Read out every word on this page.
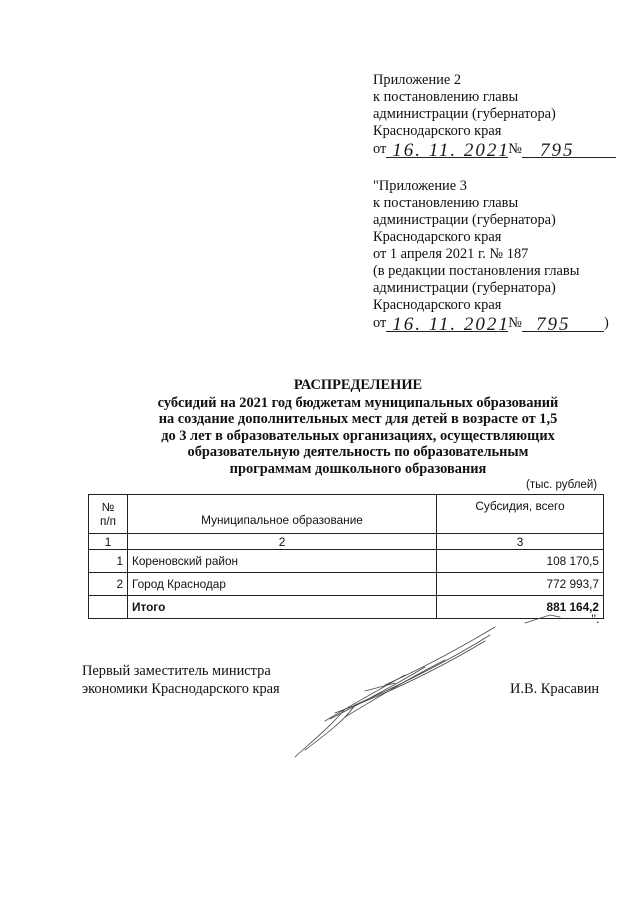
Приложение 2
к постановлению главы
администрации (губернатора)
Краснодарского края
от 16. 11. 2021
№ 795
"Приложение 3
к постановлению главы
администрации (губернатора)
Краснодарского края
от 1 апреля 2021 г. № 187
(в редакции постановления главы
администрации (губернатора)
Краснодарского края
от 16. 11. 2021
№ 795 )
РАСПРЕДЕЛЕНИЕ
субсидий на 2021 год бюджетам муниципальных образований
на создание дополнительных мест для детей в возрасте от 1,5
до 3 лет в образовательных организациях, осуществляющих
образовательную деятельность по образовательным
программам дошкольного образования
(тыс. рублей)
№
п/п	Муниципальное образование	Субсидия, всего
1	2	3
1	Кореновский район	108 170,5
2	Город Краснодар	772 993,7
	Итого	881 164,2
".
Первый заместитель министра
экономики Краснодарского края	И.В. Красавин
